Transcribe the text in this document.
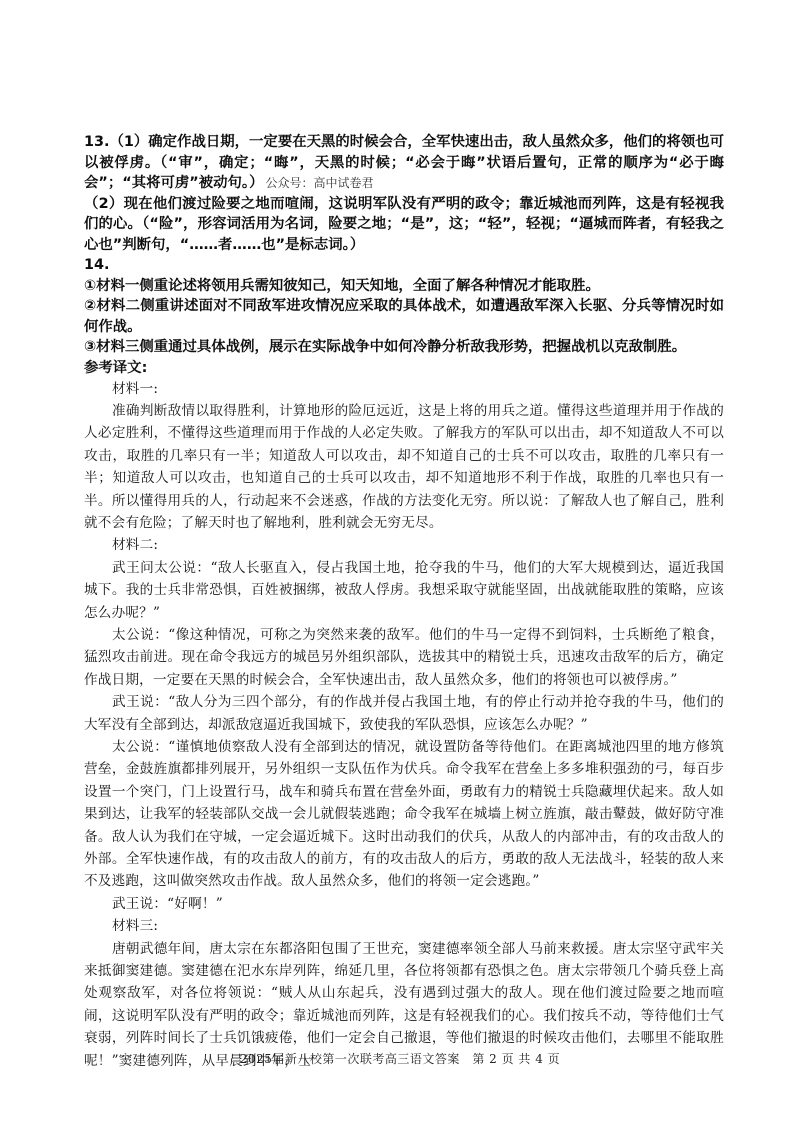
13.（1）确定作战日期，一定要在天黑的时候会合，全军快速出击，敌人虽然众多，他们的将领也可以被俘虏。（“审”，确定；“晦”，天黑的时候；“必会于晦”状语后置句，正常的顺序为“必于晦会”；“其将可虏”被动句。） 公众号：高中试卷君

（2）现在他们渡过险要之地而喧闹，这说明军队没有严明的政令；靠近城池而列阵，这是有轻视我们的心。（“险”，形容词活用为名词，险要之地；“是”，这；“轻”，轻视；“逼城而阵者，有轻我之心也”判断句，“……者……也”是标志词。）

14.

①材料一侧重论述将领用兵需知彼知己，知天知地，全面了解各种情况才能取胜。

②材料二侧重讲述面对不同敌军进攻情况应采取的具体战术，如遭遇敌军深入长驱、分兵等情况时如何作战。

③材料三侧重通过具体战例，展示在实际战争中如何冷静分析敌我形势，把握战机以克敌制胜。

参考译文:

材料一:

准确判断敌情以取得胜利，计算地形的险厄远近，这是上将的用兵之道。懂得这些道理并用于作战的人必定胜利，不懂得这些道理而用于作战的人必定失败。了解我方的军队可以出击，却不知道敌人不可以攻击，取胜的几率只有一半；知道敌人可以攻击，却不知道自己的士兵不可以攻击，取胜的几率只有一半；知道敌人可以攻击，也知道自己的士兵可以攻击，却不知道地形不利于作战，取胜的几率也只有一半。所以懂得用兵的人，行动起来不会迷惑，作战的方法变化无穷。所以说：了解敌人也了解自己，胜利就不会有危险；了解天时也了解地利，胜利就会无穷无尽。

材料二:

武王问太公说：“敌人长驱直入，侵占我国土地，抢夺我的牛马，他们的大军大规模到达，逼近我国城下。我的士兵非常恐惧，百姓被捆绑，被敌人俘虏。我想采取守就能坚固，出战就能取胜的策略，应该怎么办呢？”

太公说：“像这种情况，可称之为突然来袭的敌军。他们的牛马一定得不到饲料，士兵断绝了粮食，猛烈攻击前进。现在命令我远方的城邑另外组织部队，选拔其中的精锐士兵，迅速攻击敌军的后方，确定作战日期，一定要在天黑的时候会合，全军快速出击，敌人虽然众多，他们的将领也可以被俘虏。”

武王说：“敌人分为三四个部分，有的作战并侵占我国土地，有的停止行动并抢夺我的牛马，他们的大军没有全部到达，却派敌寇逼近我国城下，致使我的军队恐惧，应该怎么办呢？”

太公说：“谨慎地侦察敌人没有全部到达的情况，就设置防备等待他们。在距离城池四里的地方修筑营垒，金鼓旌旗都排列展开，另外组织一支队伍作为伏兵。命令我军在营垒上多多堆积强劲的弓，每百步设置一个突门，门上设置行马，战车和骑兵布置在营垒外面，勇敢有力的精锐士兵隐藏埋伏起来。敌人如果到达，让我军的轻装部队交战一会儿就假装逃跑；命令我军在城墙上树立旌旗，敲击鼙鼓，做好防守准备。敌人认为我们在守城，一定会逼近城下。这时出动我们的伏兵，从敌人的内部冲击，有的攻击敌人的外部。全军快速作战，有的攻击敌人的前方，有的攻击敌人的后方，勇敢的敌人无法战斗，轻装的敌人来不及逃跑，这叫做突然攻击作战。敌人虽然众多，他们的将领一定会逃跑。”

武王说：“好啊！”

材料三:

唐朝武德年间，唐太宗在东都洛阳包围了王世充，窦建德率领全部人马前来救援。唐太宗坚守武牢关来抵御窦建德。窦建德在汜水东岸列阵，绵延几里，各位将领都有恐惧之色。唐太宗带领几个骑兵登上高处观察敌军，对各位将领说：“贼人从山东起兵，没有遇到过强大的敌人。现在他们渡过险要之地而喧闹，这说明军队没有严明的政令；靠近城池而列阵，这是有轻视我们的心。我们按兵不动，等待他们士气衰弱，列阵时间长了士兵饥饿疲倦，他们一定会自己撤退，等他们撤退的时候攻击他们，去哪里不能取胜呢！”窦建德列阵，从早晨到中午，士

2025届新八校第一次联考高三语文答案　第 2 页 共 4 页
